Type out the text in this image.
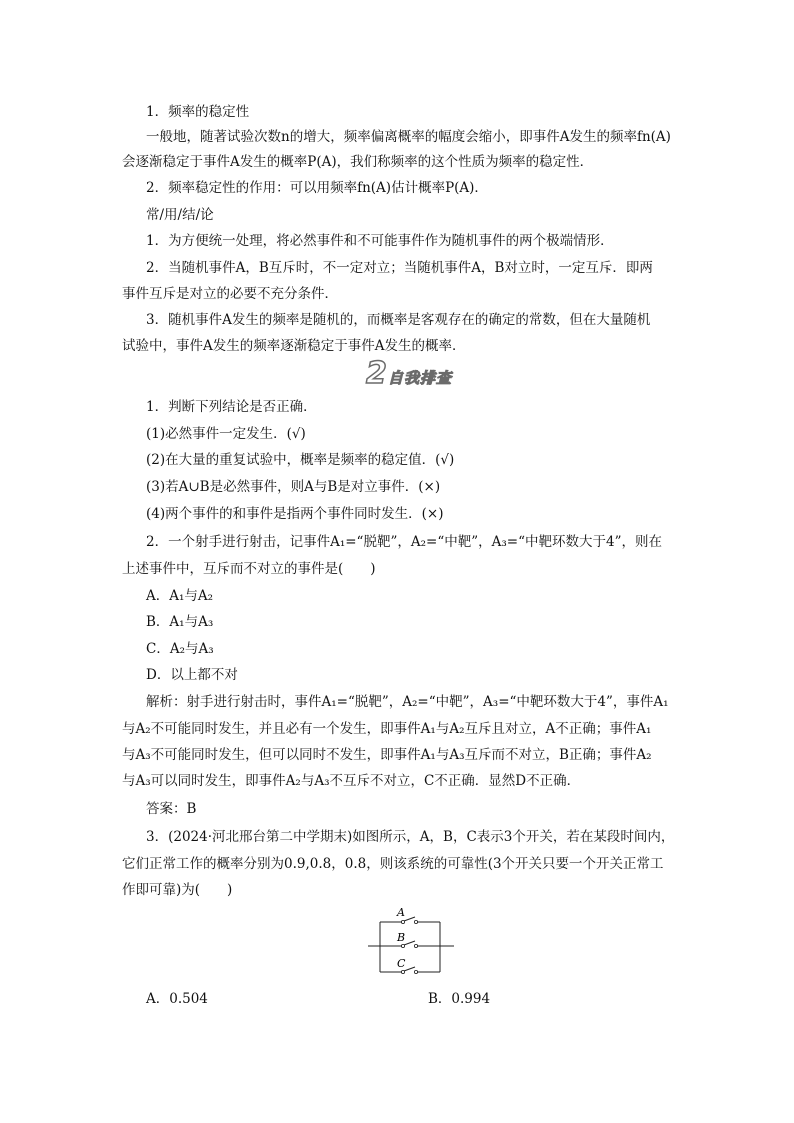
1．频率的稳定性
一般地，随著试验次数n的增大，频率偏离概率的幅度会缩小，即事件A发生的频率fn(A)
会逐渐稳定于事件A发生的概率P(A)，我们称频率的这个性质为频率的稳定性．
2．频率稳定性的作用：可以用频率fn(A)估计概率P(A)．
常/用/结/论
1．为方便统一处理，将必然事件和不可能事件作为随机事件的两个极端情形．
2．当随机事件A，B互斥时，不一定对立；当随机事件A，B对立时，一定互斥．即两
事件互斥是对立的必要不充分条件．
3．随机事件A发生的频率是随机的，而概率是客观存在的确定的常数，但在大量随机
试验中，事件A发生的频率逐渐稳定于事件A发生的概率．
2 自我排查
1．判断下列结论是否正确．
(1)必然事件一定发生．(√)
(2)在大量的重复试验中，概率是频率的稳定值．(√)
(3)若A∪B是必然事件，则A与B是对立事件．(×)
(4)两个事件的和事件是指两个事件同时发生．(×)
2．一个射手进行射击，记事件A₁=“脱靶”，A₂=“中靶”，A₃=“中靶环数大于4”，则在
上述事件中，互斥而不对立的事件是(　　)
A．A₁与A₂
B．A₁与A₃
C．A₂与A₃
D．以上都不对
解析：射手进行射击时，事件A₁=“脱靶”，A₂=“中靶”，A₃=“中靶环数大于4”，事件A₁
与A₂不可能同时发生，并且必有一个发生，即事件A₁与A₂互斥且对立，A不正确；事件A₁
与A₃不可能同时发生，但可以同时不发生，即事件A₁与A₃互斥而不对立，B正确；事件A₂
与A₃可以同时发生，即事件A₂与A₃不互斥不对立，C不正确．显然D不正确．
答案：B
3．(2024·河北邢台第二中学期末)如图所示，A，B，C表示3个开关，若在某段时间内，
它们正常工作的概率分别为0.9,0.8，0.8，则该系统的可靠性(3个开关只要一个开关正常工
作即可靠)为(　　)
A
B
C
A．0.504	B．0.994
